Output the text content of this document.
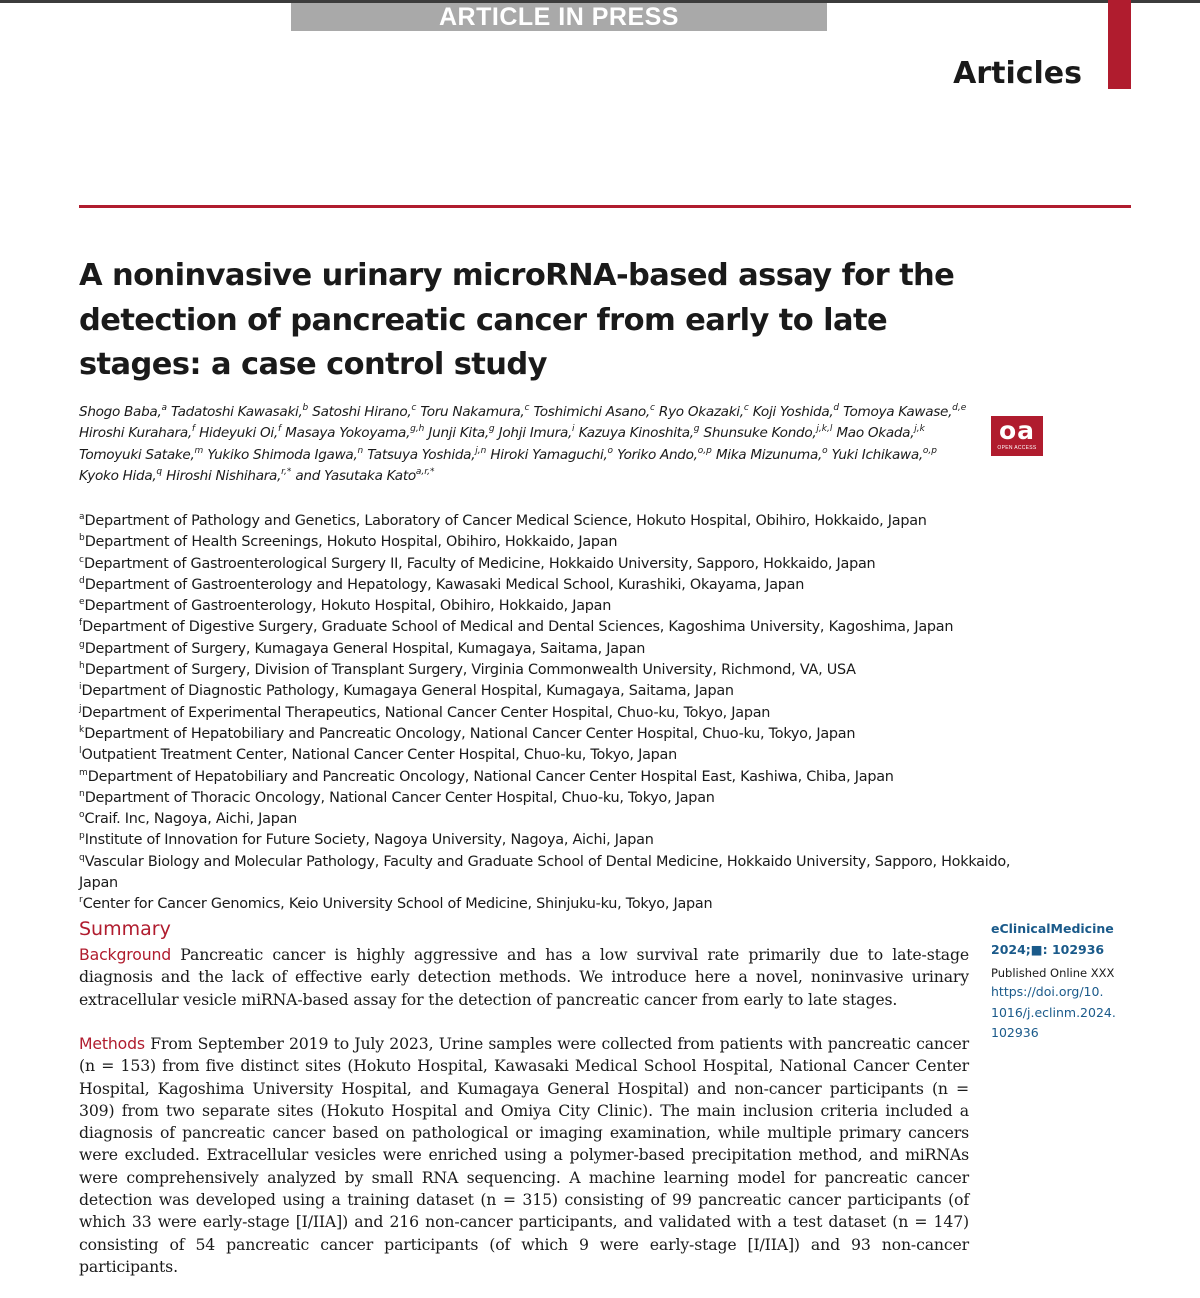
ARTICLE IN PRESS
Articles
A noninvasive urinary microRNA-based assay for the detection of pancreatic cancer from early to late stages: a case control study
Shogo Baba,$^a$ Tadatoshi Kawasaki,$^b$ Satoshi Hirano,$^c$ Toru Nakamura,$^c$ Toshimichi Asano,$^c$ Ryo Okazaki,$^c$ Koji Yoshida,$^d$ Tomoya Kawase,$^{d,e}$ Hiroshi Kurahara,$^f$ Hideyuki Oi,$^f$ Masaya Yokoyama,$^{g,h}$ Junji Kita,$^g$ Johji Imura,$^i$ Kazuya Kinoshita,$^g$ Shunsuke Kondo,$^{j,k,l}$ Mao Okada,$^{j,k}$ Tomoyuki Satake,$^m$ Yukiko Shimoda Igawa,$^n$ Tatsuya Yoshida,$^{j,n}$ Hiroki Yamaguchi,$^o$ Yoriko Ando,$^{o,p}$ Mika Mizunuma,$^o$ Yuki Ichikawa,$^{o,p}$ Kyoko Hida,$^q$ Hiroshi Nishihara,$^{r,*}$ and Yasutaka Kato$^{a,r,*}$
oa
OPEN ACCESS
$^a$Department of Pathology and Genetics, Laboratory of Cancer Medical Science, Hokuto Hospital, Obihiro, Hokkaido, Japan
$^b$Department of Health Screenings, Hokuto Hospital, Obihiro, Hokkaido, Japan
$^c$Department of Gastroenterological Surgery II, Faculty of Medicine, Hokkaido University, Sapporo, Hokkaido, Japan
$^d$Department of Gastroenterology and Hepatology, Kawasaki Medical School, Kurashiki, Okayama, Japan
$^e$Department of Gastroenterology, Hokuto Hospital, Obihiro, Hokkaido, Japan
$^f$Department of Digestive Surgery, Graduate School of Medical and Dental Sciences, Kagoshima University, Kagoshima, Japan
$^g$Department of Surgery, Kumagaya General Hospital, Kumagaya, Saitama, Japan
$^h$Department of Surgery, Division of Transplant Surgery, Virginia Commonwealth University, Richmond, VA, USA
$^i$Department of Diagnostic Pathology, Kumagaya General Hospital, Kumagaya, Saitama, Japan
$^j$Department of Experimental Therapeutics, National Cancer Center Hospital, Chuo-ku, Tokyo, Japan
$^k$Department of Hepatobiliary and Pancreatic Oncology, National Cancer Center Hospital, Chuo-ku, Tokyo, Japan
$^l$Outpatient Treatment Center, National Cancer Center Hospital, Chuo-ku, Tokyo, Japan
$^m$Department of Hepatobiliary and Pancreatic Oncology, National Cancer Center Hospital East, Kashiwa, Chiba, Japan
$^n$Department of Thoracic Oncology, National Cancer Center Hospital, Chuo-ku, Tokyo, Japan
$^o$Craif. Inc, Nagoya, Aichi, Japan
$^p$Institute of Innovation for Future Society, Nagoya University, Nagoya, Aichi, Japan
$^q$Vascular Biology and Molecular Pathology, Faculty and Graduate School of Dental Medicine, Hokkaido University, Sapporo, Hokkaido, Japan
$^r$Center for Cancer Genomics, Keio University School of Medicine, Shinjuku-ku, Tokyo, Japan
Summary

Background Pancreatic cancer is highly aggressive and has a low survival rate primarily due to late-stage diagnosis and the lack of effective early detection methods. We introduce here a novel, noninvasive urinary extracellular vesicle miRNA-based assay for the detection of pancreatic cancer from early to late stages.

Methods From September 2019 to July 2023, Urine samples were collected from patients with pancreatic cancer (n = 153) from five distinct sites (Hokuto Hospital, Kawasaki Medical School Hospital, National Cancer Center Hospital, Kagoshima University Hospital, and Kumagaya General Hospital) and non-cancer participants (n = 309) from two separate sites (Hokuto Hospital and Omiya City Clinic). The main inclusion criteria included a diagnosis of pancreatic cancer based on pathological or imaging examination, while multiple primary cancers were excluded. Extracellular vesicles were enriched using a polymer-based precipitation method, and miRNAs were comprehensively analyzed by small RNA sequencing. A machine learning model for pancreatic cancer detection was developed using a training dataset (n = 315) consisting of 99 pancreatic cancer participants (of which 33 were early-stage [I/IIA]) and 216 non-cancer participants, and validated with a test dataset (n = 147) consisting of 54 pancreatic cancer participants (of which 9 were early-stage [I/IIA]) and 93 non-cancer participants.

eClinicalMedicine
2024;■: 102936
Published Online XXX
https://doi.org/10.
1016/j.eclinm.2024.
102936
